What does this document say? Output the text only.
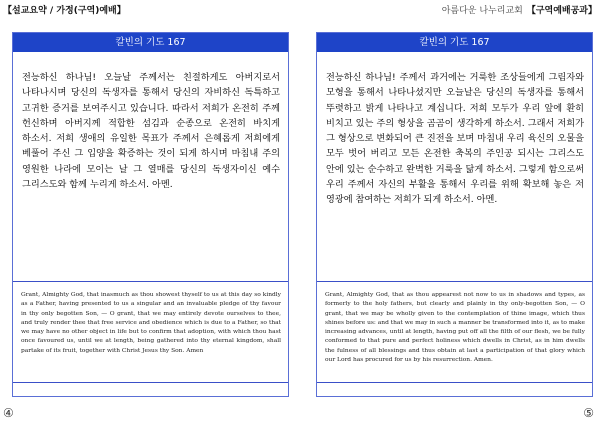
【설교요약 / 가정(구역)예배】	아름다운 나누리교회 【구역예배공과】
칼빈의 기도 167
전능하신 하나님! 오늘날 주께서는 친절하게도 아버지로서 나타나시며 당신의 독생자를 통해서 당신의 자비하신 독특하고 고귀한 증거를 보여주시고 있습니다. 따라서 저희가 온전히 주께 헌신하며 아버지께 적합한 섬김과 순종으로 온전히 바치게 하소서. 저희 생애의 유일한 목표가 주께서 은혜롭게 저희에게 베풀어 주신 그 입양을 확증하는 것이 되게 하시며 마침내 주의 영원한 나라에 모이는 날 그 열매를 당신의 독생자이신 예수 그리스도와 함께 누리게 하소서. 아멘.
Grant, Almighty God, that inasmuch as thou showest thyself to us at this day so kindly as a Father, having presented to us a singular and an invaluable pledge of thy favour in thy only begotten Son, — O grant, that we may entirely devote ourselves to thee, and truly render thee that free service and obedience which is due to a Father, so that we may have no other object in life but to confirm that adoption, with which thou hast once favoured us, until we at length, being gathered into thy eternal kingdom, shall partake of its fruit, together with Christ Jesus thy Son. Amen
칼빈의 기도 167
전능하신 하나님! 주께서 과거에는 거룩한 조상들에게 그림자와 모형을 통해서 나타나셨지만 오늘날은 당신의 독생자를 통해서 뚜렷하고 밝게 나타나고 계십니다. 저희 모두가 우리 앞에 환히 비치고 있는 주의 형상을 곰곰이 생각하게 하소서. 그래서 저희가 그 형상으로 변화되어 큰 진전을 보며 마침내 우리 육신의 오물을 모두 벗어 버리고 모든 온전한 축복의 주인공 되시는 그리스도 안에 있는 순수하고 완벽한 거룩을 닮게 하소서. 그렇게 함으로써 우리 주께서 자신의 부활을 통해서 우리를 위해 확보해 놓은 저 영광에 참여하는 저희가 되게 하소서. 아멘.
Grant, Almighty God, that as thou appearest not now to us in shadows and types, as formerly to the holy fathers, but clearly and plainly in thy only-begotten Son, — O grant, that we may be wholly given to the contemplation of thine image, which thus shines before us: and that we may in such a manner be transformed into it, as to make increasing advances, until at length, having put off all the filth of our flesh, we be fully conformed to that pure and perfect holiness which dwells in Christ, as in him dwells the fulness of all blessings and thus obtain at last a participation of that glory which our Lord has procured for us by his resurrection. Amen.
④	⑤
